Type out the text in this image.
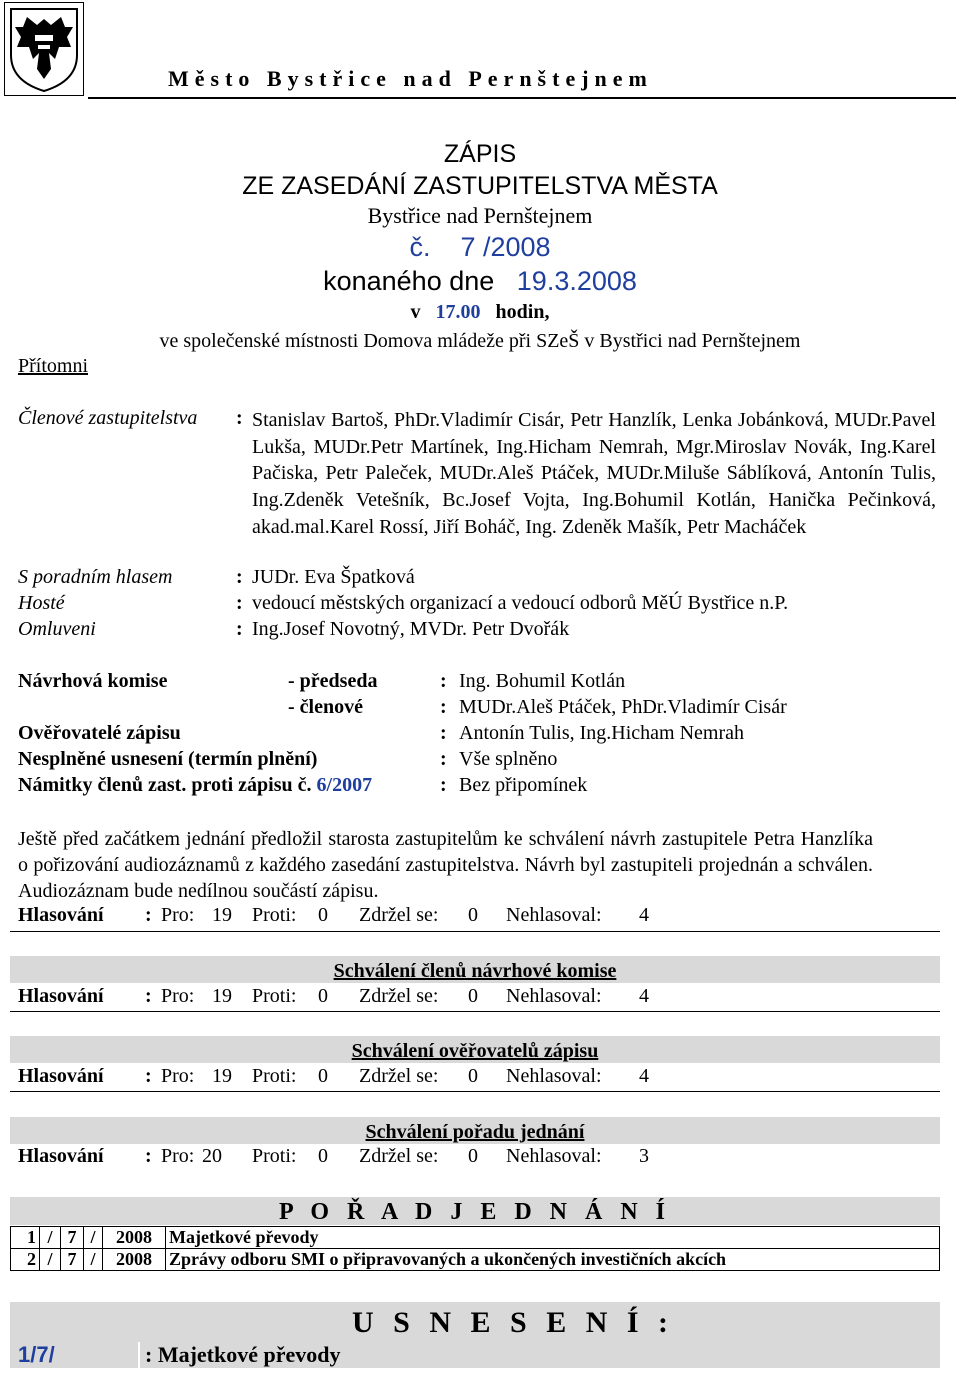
Město Bystřice nad Pernštejnem
ZÁPIS
ZE ZASEDÁNÍ ZASTUPITELSTVA MĚSTA
Bystřice nad Pernštejnem
č. 7 /2008
konaného dne 19.3.2008
v 17.00 hodin,
ve společenské místnosti Domova mládeže při SZeŠ v Bystřici nad Pernštejnem
Přítomni
Členové zastupitelstva : Stanislav Bartoš, PhDr.Vladimír Cisár, Petr Hanzlík, Lenka Jobánková, MUDr.Pavel Lukša, MUDr.Petr Martínek, Ing.Hicham Nemrah, Mgr.Miroslav Novák, Ing.Karel Pačiska, Petr Paleček, MUDr.Aleš Ptáček, MUDr.Miluše Sáblíková, Antonín Tulis, Ing.Zdeněk Vetešník, Bc.Josef Vojta, Ing.Bohumil Kotlán, Hanička Pečinková, akad.mal.Karel Rossí, Jiří Boháč, Ing. Zdeněk Mašík, Petr Macháček
S poradním hlasem	: JUDr. Eva Špatková
Hosté	: vedoucí městských organizací a vedoucí odborů MěÚ Bystřice n.P.
Omluveni	: Ing.Josef Novotný, MVDr. Petr Dvořák
Návrhová komise	- předseda	: Ing. Bohumil Kotlán
- členové	: MUDr.Aleš Ptáček, PhDr.Vladimír Cisár
Ověřovatelé zápisu	: Antonín Tulis, Ing.Hicham Nemrah
Nesplněné usnesení (termín plnění)	: Vše splněno
Námitky členů zast. proti zápisu č. 6/2007	: Bez připomínek
Ještě před začátkem jednání předložil starosta zastupitelům ke schválení návrh zastupitele Petra Hanzlíka o pořizování audiozáznamů z každého zasedání zastupitelstva. Návrh byl zastupiteli projednán a schválen. Audiozáznam bude nedílnou součástí zápisu.
Hlasování : Pro: 19 Proti: 0 Zdržel se: 0 Nehlasoval: 4
Schválení členů návrhové komise
Hlasování : Pro: 19 Proti: 0 Zdržel se: 0 Nehlasoval: 4
Schválení ověřovatelů zápisu
Hlasování : Pro: 19 Proti: 0 Zdržel se: 0 Nehlasoval: 4
Schválení pořadu jednání
Hlasování : Pro: 20 Proti: 0 Zdržel se: 0 Nehlasoval: 3
P O Ř A D J E D N Á N Í
1	/	7	/	2008	Majetkové převody
2	/	7	/	2008	Zprávy odboru SMI o připravovaných a ukončených investičních akcích
U S N E S E N Í :
1/7/	: Majetkové převody
